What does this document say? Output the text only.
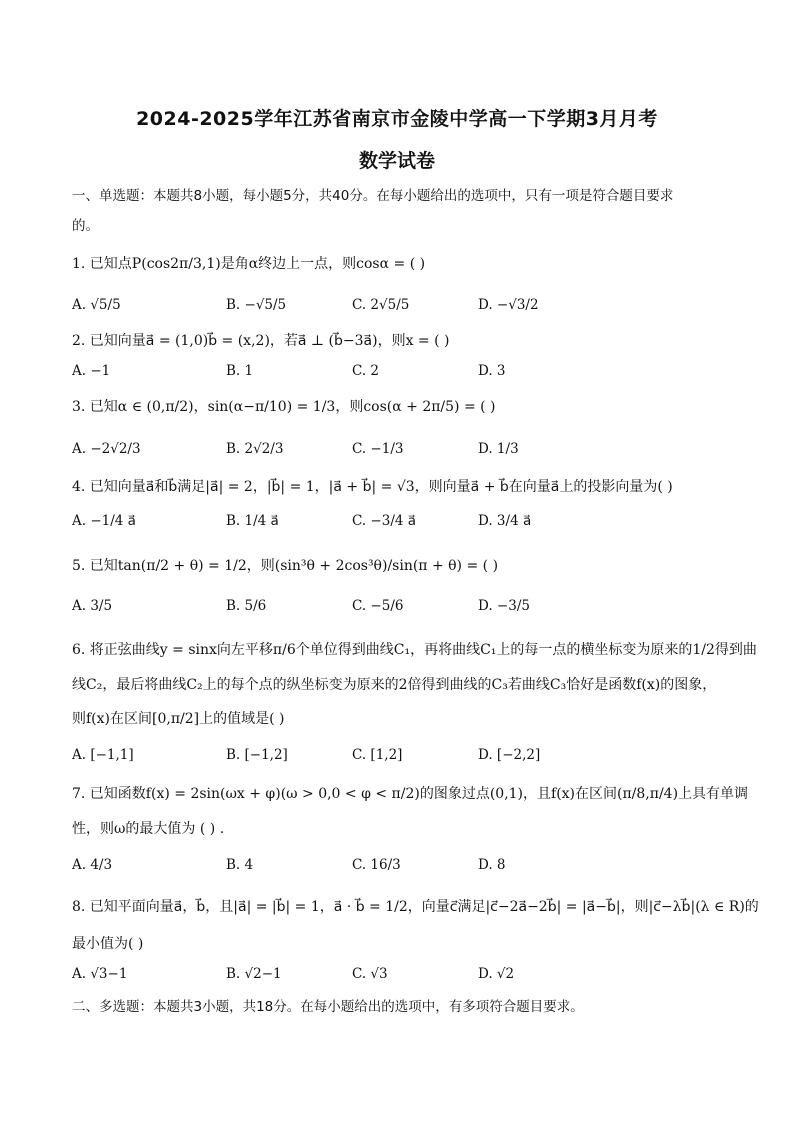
2024-2025学年江苏省南京市金陵中学高一下学期3月月考
数学试卷
一、单选题：本题共8小题，每小题5分，共40分。在每小题给出的选项中，只有一项是符合题目要求
的。
1. 已知点P(cos2π/3,1)是角α终边上一点，则cosα = ( )
A. √5/5	B. −√5/5	C. 2√5/5	D. −√3/2
2. 已知向量a⃗ = (1,0)b⃗ = (x,2)，若a⃗ ⊥ (b⃗−3a⃗)，则x = ( )
A. −1	B. 1	C. 2	D. 3
3. 已知α ∈ (0,π/2)，sin(α−π/10) = 1/3，则cos(α + 2π/5) = ( )
A. −2√2/3	B. 2√2/3	C. −1/3	D. 1/3
4. 已知向量a⃗和b⃗满足|a⃗| = 2，|b⃗| = 1，|a⃗ + b⃗| = √3，则向量a⃗ + b⃗在向量a⃗上的投影向量为( )
A. −1/4 a⃗	B. 1/4 a⃗	C. −3/4 a⃗	D. 3/4 a⃗
5. 已知tan(π/2 + θ) = 1/2，则(sin³θ + 2cos³θ)/sin(π + θ) = ( )
A. 3/5	B. 5/6	C. −5/6	D. −3/5
6. 将正弦曲线y = sinx向左平移π/6个单位得到曲线C₁，再将曲线C₁上的每一点的横坐标变为原来的1/2得到曲
线C₂，最后将曲线C₂上的每个点的纵坐标变为原来的2倍得到曲线的C₃若曲线C₃恰好是函数f(x)的图象，
则f(x)在区间[0,π/2]上的值域是( )
A. [−1,1]	B. [−1,2]	C. [1,2]	D. [−2,2]
7. 已知函数f(x) = 2sin(ωx + φ)(ω > 0,0 < φ < π/2)的图象过点(0,1)，且f(x)在区间(π/8,π/4)上具有单调
性，则ω的最大值为 ( ) .
A. 4/3	B. 4	C. 16/3	D. 8
8. 已知平面向量a⃗，b⃗，且|a⃗| = |b⃗| = 1，a⃗ · b⃗ = 1/2，向量c⃗满足|c⃗−2a⃗−2b⃗| = |a⃗−b⃗|，则|c⃗−λb⃗|(λ ∈ R)的
最小值为( )
A. √3−1	B. √2−1	C. √3	D. √2
二、多选题：本题共3小题，共18分。在每小题给出的选项中，有多项符合题目要求。
